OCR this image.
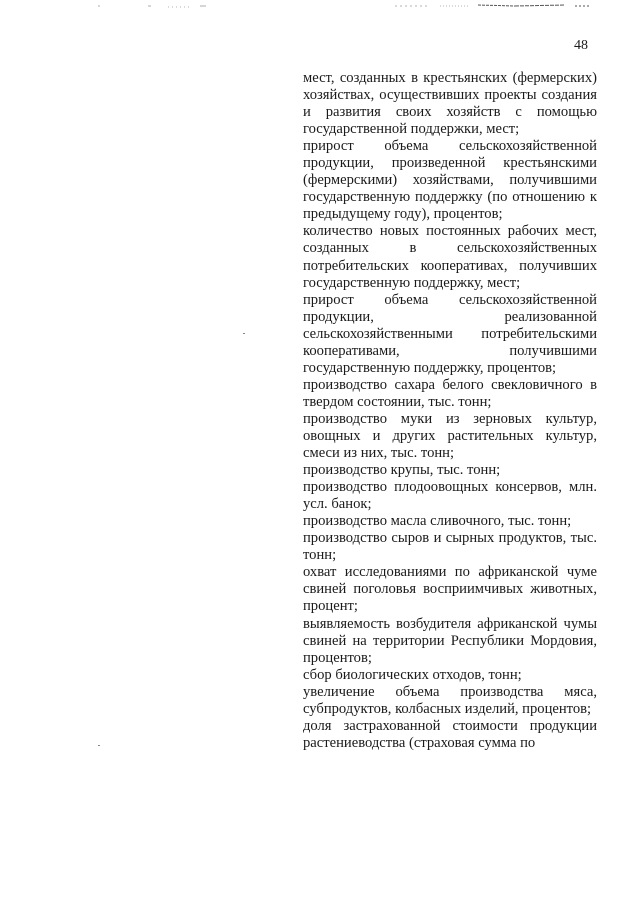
48

мест, созданных в крестьянских (фермерских) хозяйствах, осуществивших проекты создания и развития своих хозяйств с помощью государственной поддержки, мест;

прирост объема сельскохозяйственной продукции, произведенной крестьянскими (фермерскими) хозяйствами, получившими государственную поддержку (по отношению к предыдущему году), процентов;

количество новых постоянных рабочих мест, созданных в сельскохозяйственных потребительских кооперативах, получивших государственную поддержку, мест;

прирост объема сельскохозяйственной продукции, реализованной сельскохозяйственными потребительскими кооперативами, получившими государственную поддержку, процентов;

производство сахара белого свекловичного в твердом состоянии, тыс. тонн;

производство муки из зерновых культур, овощных и других растительных культур, смеси из них, тыс. тонн;

производство крупы, тыс. тонн;

производство плодоовощных консервов, млн. усл. банок;

производство масла сливочного, тыс. тонн;

производство сыров и сырных продуктов, тыс. тонн;

охват исследованиями по африканской чуме свиней поголовья восприимчивых животных, процент;

выявляемость возбудителя африканской чумы свиней на территории Республики Мордовия, процентов;

сбор биологических отходов, тонн;

увеличение объема производства мяса, субпродуктов, колбасных изделий, процентов;

доля застрахованной стоимости продукции растениеводства (страховая сумма по
